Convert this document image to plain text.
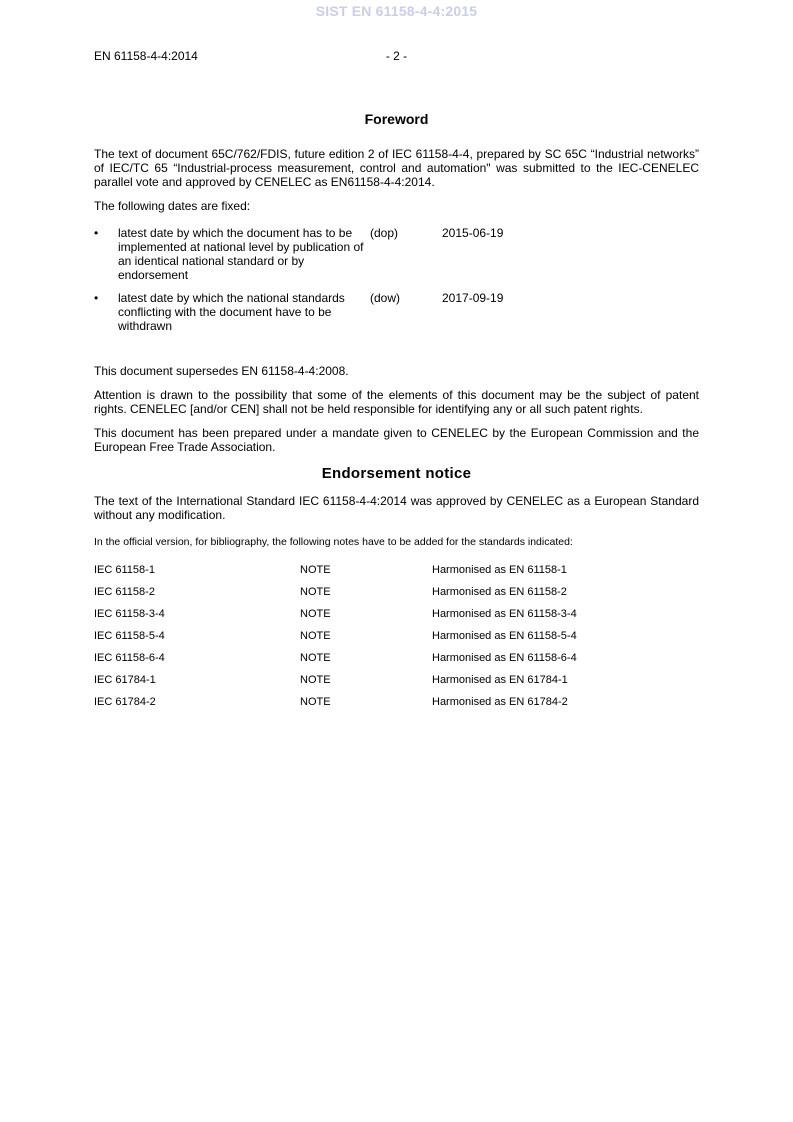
SIST EN 61158-4-4:2015
EN 61158-4-4:2014	- 2 -
Foreword

The text of document 65C/762/FDIS, future edition 2 of IEC 61158-4-4, prepared by SC 65C “Industrial networks” of IEC/TC 65 “Industrial-process measurement, control and automation" was submitted to the IEC-CENELEC parallel vote and approved by CENELEC as EN61158-4-4:2014.

The following dates are fixed:

•	latest date by which the document has to be implemented at national level by publication of an identical national standard or by endorsement
(dop)	2015-06-19
•	latest date by which the national standards conflicting with the document have to be withdrawn
(dow)	2017-09-19

This document supersedes EN 61158-4-4:2008.

Attention is drawn to the possibility that some of the elements of this document may be the subject of patent rights. CENELEC [and/or CEN] shall not be held responsible for identifying any or all such patent rights.

This document has been prepared under a mandate given to CENELEC by the European Commission and the European Free Trade Association.

Endorsement notice

The text of the International Standard IEC 61158-4-4:2014 was approved by CENELEC as a European Standard without any modification.

In the official version, for bibliography, the following notes have to be added for the standards indicated:

IEC 61158-1	NOTE	Harmonised as EN 61158-1
IEC 61158-2	NOTE	Harmonised as EN 61158-2
IEC 61158-3-4	NOTE	Harmonised as EN 61158-3-4
IEC 61158-5-4	NOTE	Harmonised as EN 61158-5-4
IEC 61158-6-4	NOTE	Harmonised as EN 61158-6-4
IEC 61784-1	NOTE	Harmonised as EN 61784-1
IEC 61784-2	NOTE	Harmonised as EN 61784-2
